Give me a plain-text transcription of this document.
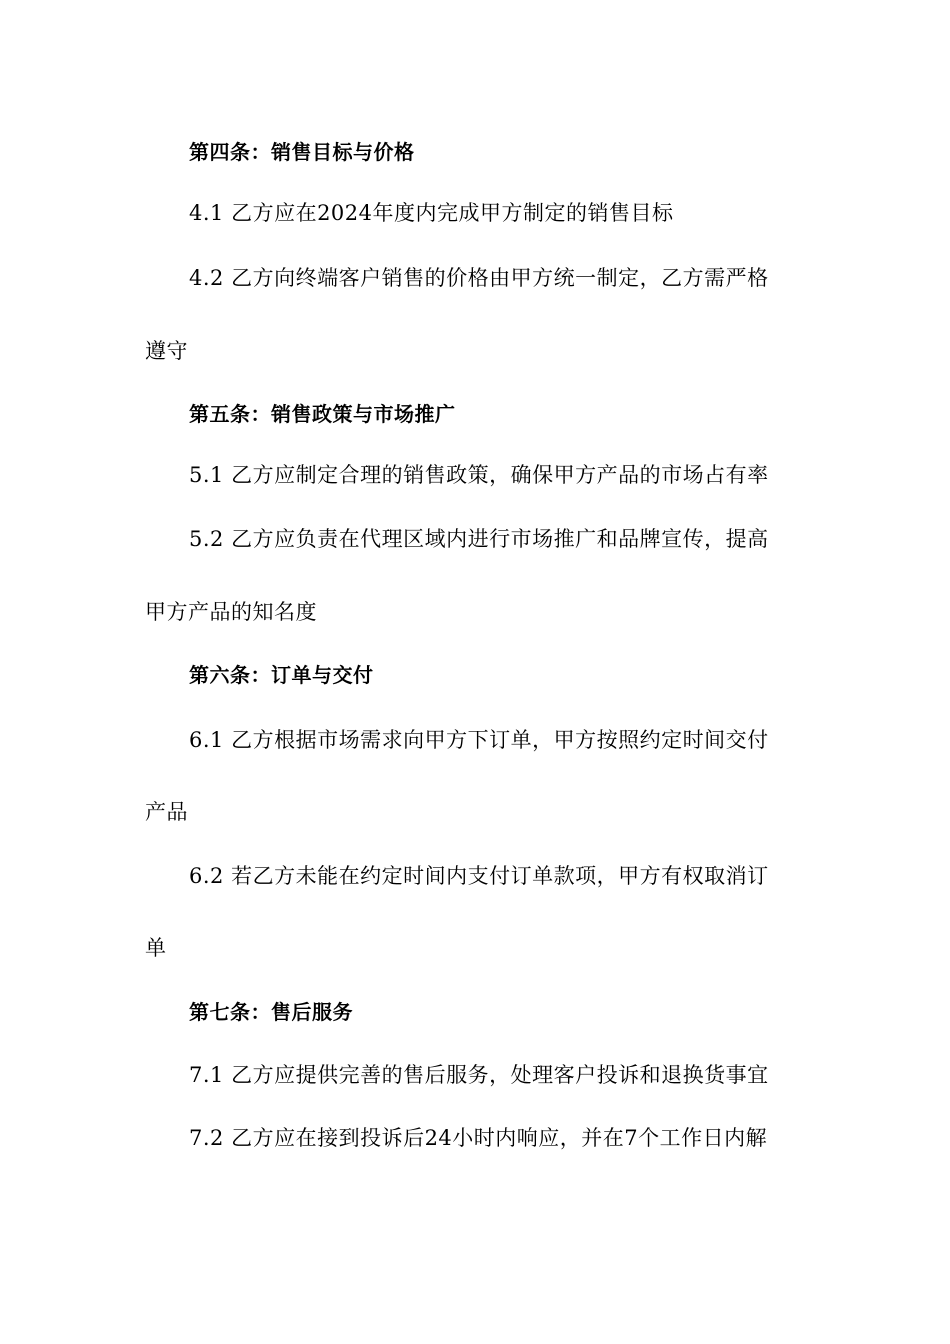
第四条：销售目标与价格
4.1 乙方应在2024年度内完成甲方制定的销售目标
4.2 乙方向终端客户销售的价格由甲方统一制定，乙方需严格
遵守
第五条：销售政策与市场推广
5.1 乙方应制定合理的销售政策，确保甲方产品的市场占有率
5.2 乙方应负责在代理区域内进行市场推广和品牌宣传，提高
甲方产品的知名度
第六条：订单与交付
6.1 乙方根据市场需求向甲方下订单，甲方按照约定时间交付
产品
6.2 若乙方未能在约定时间内支付订单款项，甲方有权取消订
单
第七条：售后服务
7.1 乙方应提供完善的售后服务，处理客户投诉和退换货事宜
7.2 乙方应在接到投诉后24小时内响应，并在7个工作日内解
